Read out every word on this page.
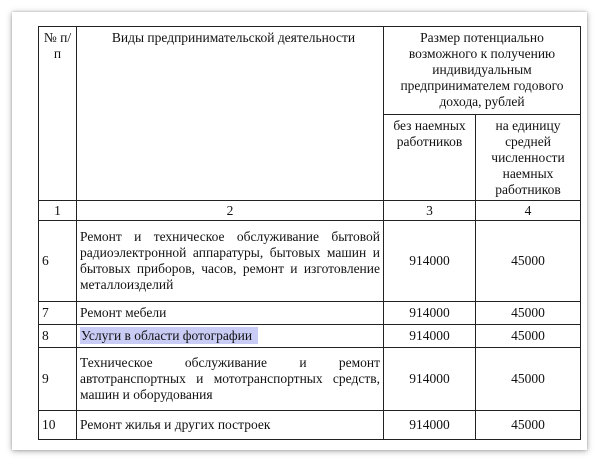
№ п/п	Виды предпринимательской деятельности	Размер потенциально возможного к получению индивидуальным предпринимателем годового дохода, рублей	
		без наемных работников	на единицу средней численности наемных работников
1	2	3	4
6	Ремонт и техническое обслуживание бытовой радиоэлектронной аппаратуры, бытовых машин и бытовых приборов, часов, ремонт и изготовление металлоизделий	914000	45000
7	Ремонт мебели	914000	45000
8	Услуги в области фотографии	914000	45000
9	Техническое обслуживание и ремонт автотранспортных и мототранспортных средств, машин и оборудования	914000	45000
10	Ремонт жилья и других построек	914000	45000
